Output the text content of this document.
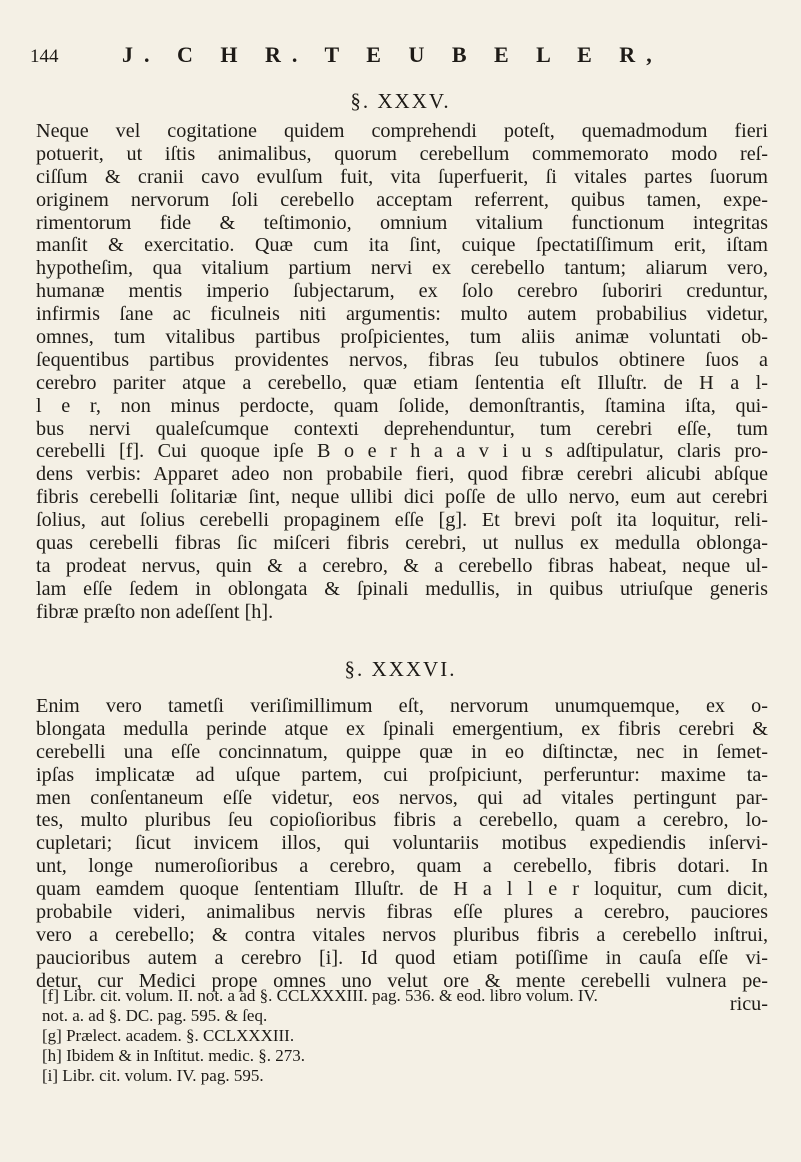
144	J. C H R. T E U B E L E R,
§. XXXV.
Neque vel cogitatione quidem comprehendi poteſt, quemadmodum fieri
potuerit, ut iſtis animalibus, quorum cerebellum commemorato modo reſ-
ciſſum & cranii cavo evulſum fuit, vita ſuperfuerit, ſi vitales partes ſuorum
originem nervorum ſoli cerebello acceptam referrent, quibus tamen, expe-
rimentorum fide & teſtimonio, omnium vitalium functionum integritas
manſit & exercitatio. Quæ cum ita ſint, cuique ſpectatiſſimum erit, iſtam
hypotheſim, qua vitalium partium nervi ex cerebello tantum; aliarum vero,
humanæ mentis imperio ſubjectarum, ex ſolo cerebro ſuboriri creduntur,
infirmis ſane ac ficulneis niti argumentis: multo autem probabilius videtur,
omnes, tum vitalibus partibus proſpicientes, tum aliis animæ voluntati ob-
ſequentibus partibus providentes nervos, fibras ſeu tubulos obtinere ſuos a
cerebro pariter atque a cerebello, quæ etiam ſententia eſt Illuſtr. de H a l-
l e r, non minus perdocte, quam ſolide, demonſtrantis, ſtamina iſta, qui-
bus nervi qualeſcumque contexti deprehenduntur, tum cerebri eſſe, tum
cerebelli [f]. Cui quoque ipſe B o e r h a a v i u s adſtipulatur, claris pro-
dens verbis: Apparet adeo non probabile fieri, quod fibræ cerebri alicubi abſque
fibris cerebelli ſolitariæ ſint, neque ullibi dici poſſe de ullo nervo, eum aut cerebri
ſolius, aut ſolius cerebelli propaginem eſſe [g]. Et brevi poſt ita loquitur, reli-
quas cerebelli fibras ſic miſceri fibris cerebri, ut nullus ex medulla oblonga-
ta prodeat nervus, quin & a cerebro, & a cerebello fibras habeat, neque ul-
lam eſſe ſedem in oblongata & ſpinali medullis, in quibus utriuſque generis
fibræ præſto non adeſſent [h].
§. XXXVI.
Enim vero tametſi veriſimillimum eſt, nervorum unumquemque, ex o-
blongata medulla perinde atque ex ſpinali emergentium, ex fibris cerebri &
cerebelli una eſſe concinnatum, quippe quæ in eo diſtinctæ, nec in ſemet-
ipſas implicatæ ad uſque partem, cui proſpiciunt, perferuntur: maxime ta-
men conſentaneum eſſe videtur, eos nervos, qui ad vitales pertingunt par-
tes, multo pluribus ſeu copioſioribus fibris a cerebello, quam a cerebro, lo-
cupletari; ſicut invicem illos, qui voluntariis motibus expediendis inſervi-
unt, longe numeroſioribus a cerebro, quam a cerebello, fibris dotari. In
quam eamdem quoque ſententiam Illuſtr. de H a l l e r loquitur, cum dicit,
probabile videri, animalibus nervis fibras eſſe plures a cerebro, pauciores
vero a cerebello; & contra vitales nervos pluribus fibris a cerebello inſtrui,
paucioribus autem a cerebro [i]. Id quod etiam potiſſime in cauſa eſſe vi-
detur, cur Medici prope omnes uno velut ore & mente cerebelli vulnera pe-
ricu-
[f] Libr. cit. volum. II. not. a ad §. CCLXXXIII. pag. 536. & eod. libro volum. IV.
not. a. ad §. DC. pag. 595. & ſeq.
[g] Prælect. academ. §. CCLXXXIII.
[h] Ibidem & in Inſtitut. medic. §. 273.
[i] Libr. cit. volum. IV. pag. 595.
